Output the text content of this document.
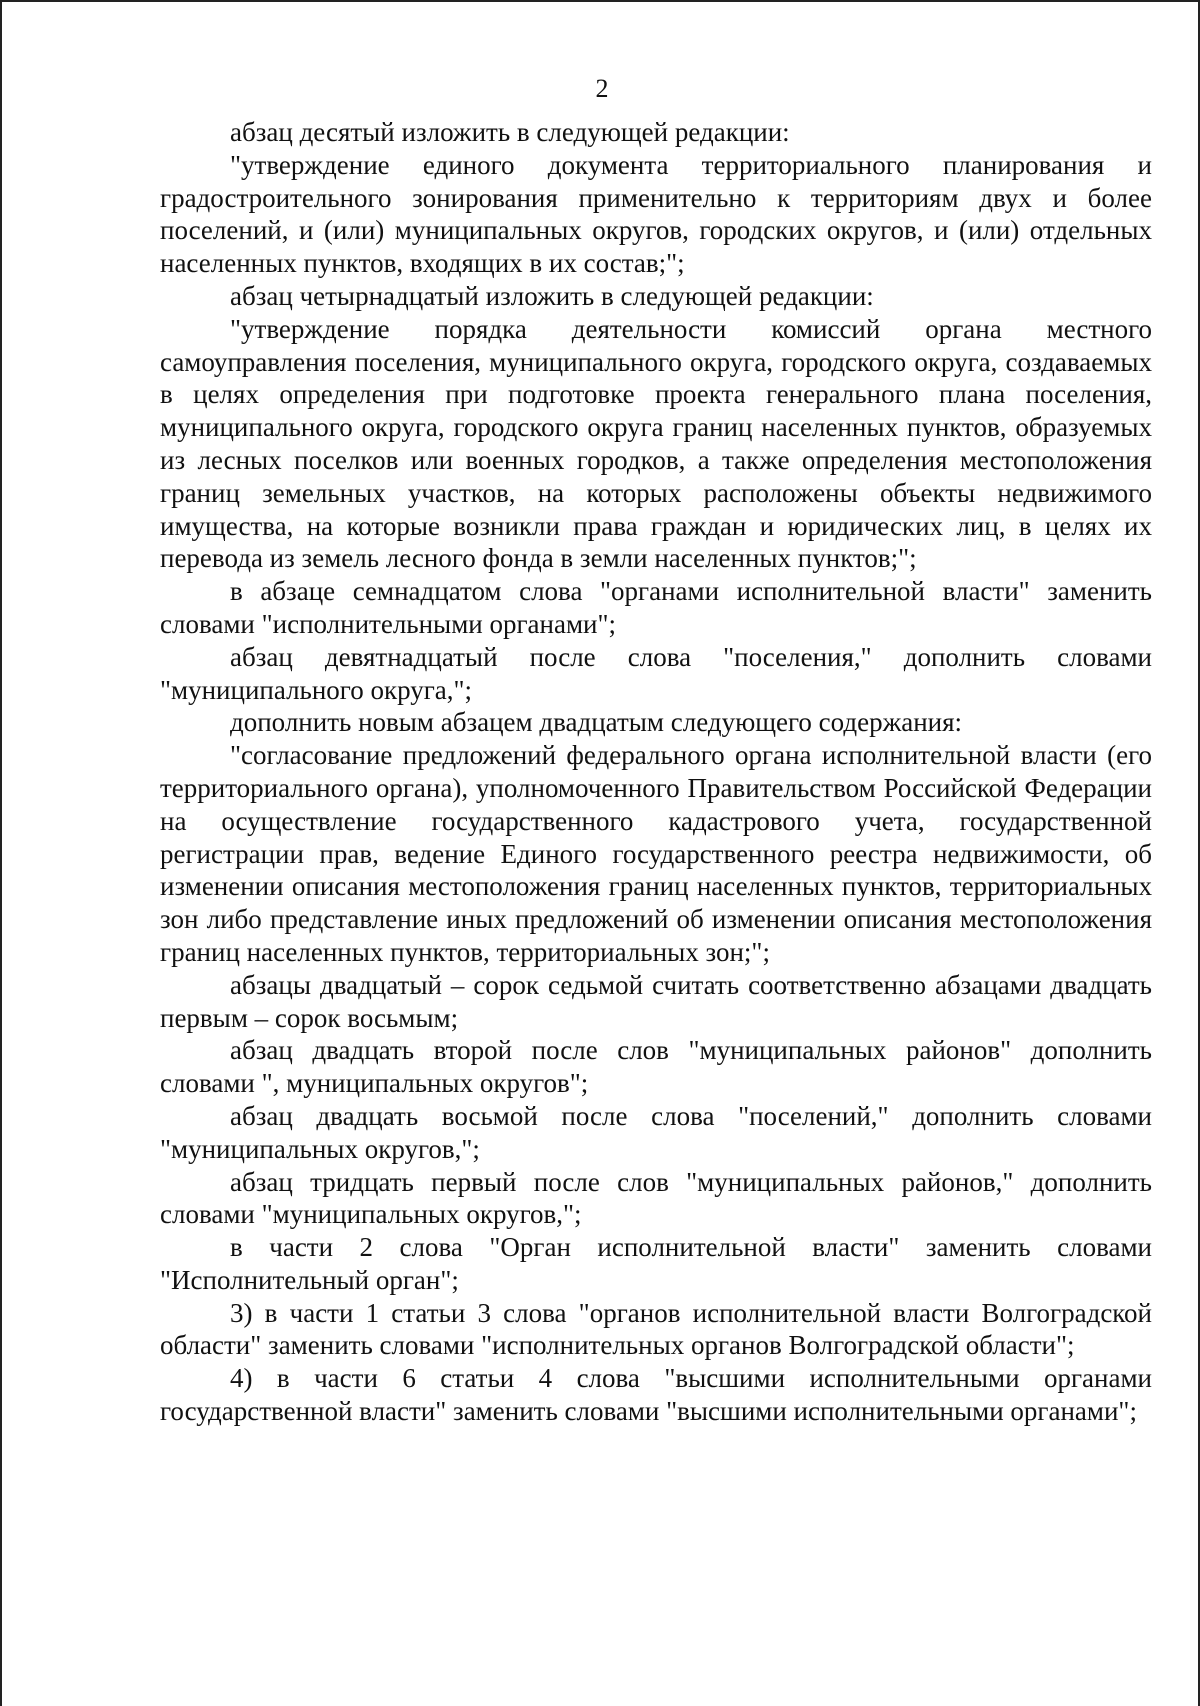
2

абзац десятый изложить в следующей редакции:

"утверждение единого документа территориального планирования и градостроительного зонирования применительно к территориям двух и более поселений, и (или) муниципальных округов, городских округов, и (или) отдельных населенных пунктов, входящих в их состав;";

абзац четырнадцатый изложить в следующей редакции:

"утверждение порядка деятельности комиссий органа местного самоуправления поселения, муниципального округа, городского округа, создаваемых в целях определения при подготовке проекта генерального плана поселения, муниципального округа, городского округа границ населенных пунктов, образуемых из лесных поселков или военных городков, а также определения местоположения границ земельных участков, на которых расположены объекты недвижимого имущества, на которые возникли права граждан и юридических лиц, в целях их перевода из земель лесного фонда в земли населенных пунктов;";

в абзаце семнадцатом слова "органами исполнительной власти" заменить словами "исполнительными органами";

абзац девятнадцатый после слова "поселения," дополнить словами "муниципального округа,";

дополнить новым абзацем двадцатым следующего содержания:

"согласование предложений федерального органа исполнительной власти (его территориального органа), уполномоченного Правительством Российской Федерации на осуществление государственного кадастрового учета, государственной регистрации прав, ведение Единого государственного реестра недвижимости, об изменении описания местоположения границ населенных пунктов, территориальных зон либо представление иных предложений об изменении описания местоположения границ населенных пунктов, территориальных зон;";

абзацы двадцатый – сорок седьмой считать соответственно абзацами двадцать первым – сорок восьмым;

абзац двадцать второй после слов "муниципальных районов" дополнить словами ", муниципальных округов";

абзац двадцать восьмой после слова "поселений," дополнить словами "муниципальных округов,";

абзац тридцать первый после слов "муниципальных районов," дополнить словами "муниципальных округов,";

в части 2 слова "Орган исполнительной власти" заменить словами "Исполнительный орган";

3) в части 1 статьи 3 слова "органов исполнительной власти Волгоградской области" заменить словами "исполнительных органов Волгоградской области";

4) в части 6 статьи 4 слова "высшими исполнительными органами государственной власти" заменить словами "высшими исполнительными органами";
